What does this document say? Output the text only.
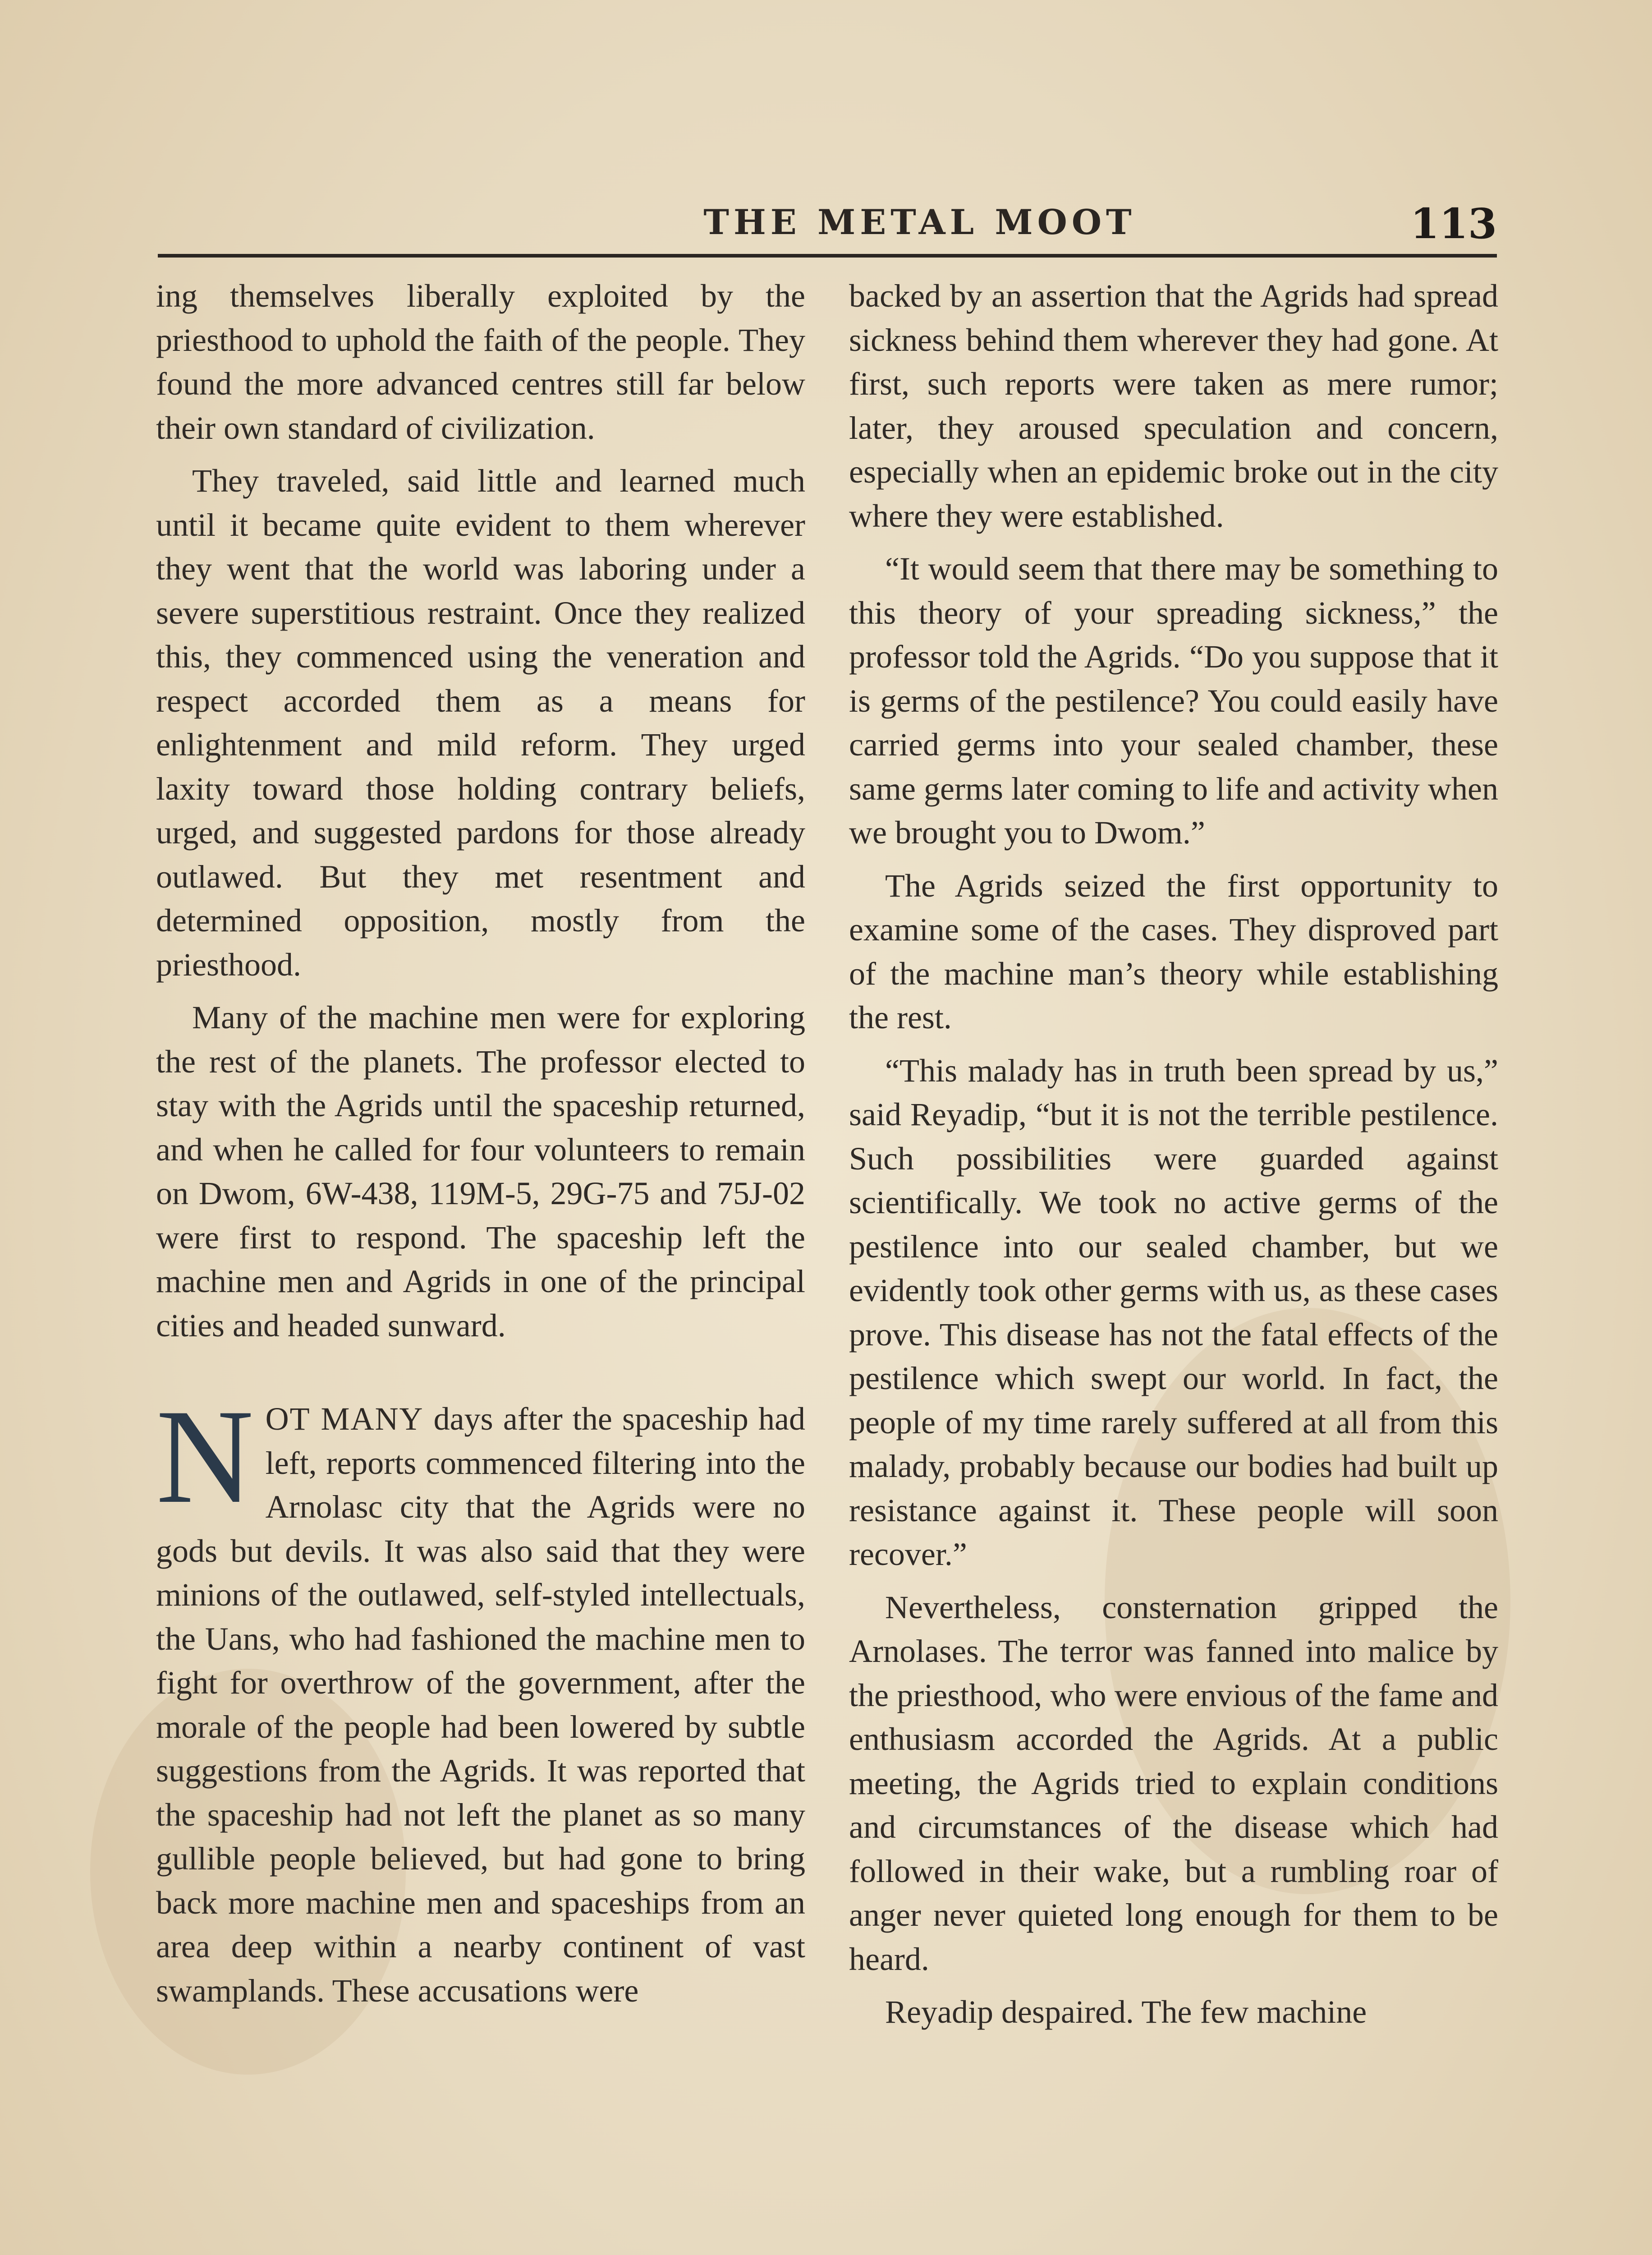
THE METAL MOOT	113

ing themselves liberally exploited by the priesthood to uphold the faith of the people. They found the more advanced centres still far below their own standard of civilization.

They traveled, said little and learned much until it became quite evident to them wherever they went that the world was laboring under a severe superstitious restraint. Once they realized this, they commenced using the veneration and respect accorded them as a means for enlightenment and mild reform. They urged laxity toward those holding contrary beliefs, urged, and suggested pardons for those already outlawed. But they met resentment and determined opposition, mostly from the priesthood.

Many of the machine men were for exploring the rest of the planets. The professor elected to stay with the Agrids until the spaceship returned, and when he called for four volunteers to remain on Dwom, 6W-438, 119M-5, 29G-75 and 75J-02 were first to respond. The spaceship left the machine men and Agrids in one of the principal cities and headed sunward.

NOT MANY days after the spaceship had left, reports commenced filtering into the Arnolasc city that the Agrids were no gods but devils. It was also said that they were minions of the outlawed, self-styled intellectuals, the Uans, who had fashioned the machine men to fight for overthrow of the government, after the morale of the people had been lowered by subtle suggestions from the Agrids. It was reported that the spaceship had not left the planet as so many gullible people believed, but had gone to bring back more machine men and spaceships from an area deep within a nearby continent of vast swamplands. These accusations were

backed by an assertion that the Agrids had spread sickness behind them wherever they had gone. At first, such reports were taken as mere rumor; later, they aroused speculation and concern, especially when an epidemic broke out in the city where they were established.

“It would seem that there may be something to this theory of your spreading sickness,” the professor told the Agrids. “Do you suppose that it is germs of the pestilence? You could easily have carried germs into your sealed chamber, these same germs later coming to life and activity when we brought you to Dwom.”

The Agrids seized the first opportunity to examine some of the cases. They disproved part of the machine man’s theory while establishing the rest.

“This malady has in truth been spread by us,” said Reyadip, “but it is not the terrible pestilence. Such possibilities were guarded against scientifically. We took no active germs of the pestilence into our sealed chamber, but we evidently took other germs with us, as these cases prove. This disease has not the fatal effects of the pestilence which swept our world. In fact, the people of my time rarely suffered at all from this malady, probably because our bodies had built up resistance against it. These people will soon recover.”

Nevertheless, consternation gripped the Arnolases. The terror was fanned into malice by the priesthood, who were envious of the fame and enthusiasm accorded the Agrids. At a public meeting, the Agrids tried to explain conditions and circumstances of the disease which had followed in their wake, but a rumbling roar of anger never quieted long enough for them to be heard.

Reyadip despaired. The few machine
